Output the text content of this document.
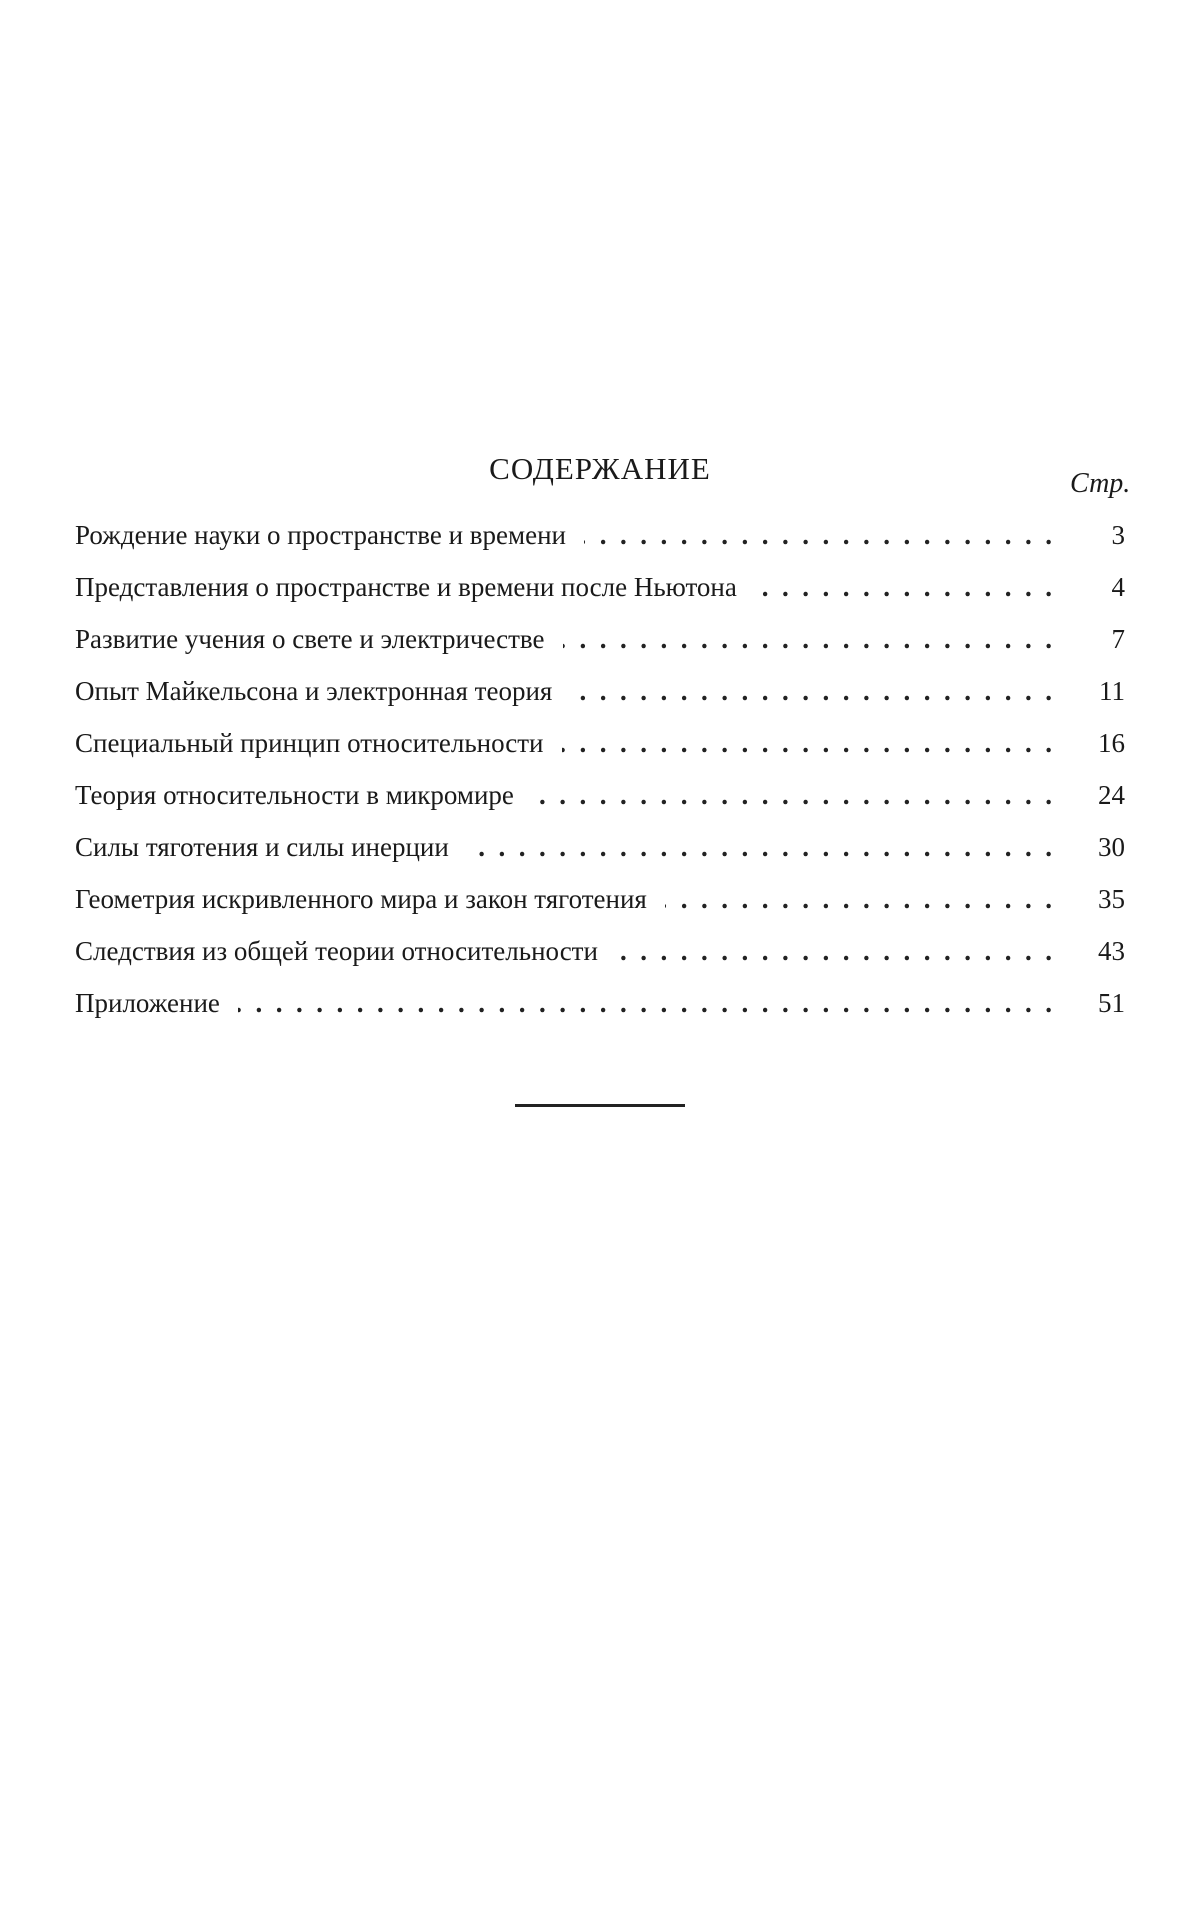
СОДЕРЖАНИЕ	Стр.
Рождение науки о пространстве и времени . .	3
Представления о пространстве и времени после Ньютона . .	4
Развитие учения о свете и электричестве . .	7
Опыт Майкельсона и электронная теория . .	11
Специальный принцип относительности . .	16
Теория относительности в микромире . .	24
Силы тяготения и силы инерции . .	30
Геометрия искривленного мира и закон тяготения . .	35
Следствия из общей теории относительности . .	43
Приложение . .	51
